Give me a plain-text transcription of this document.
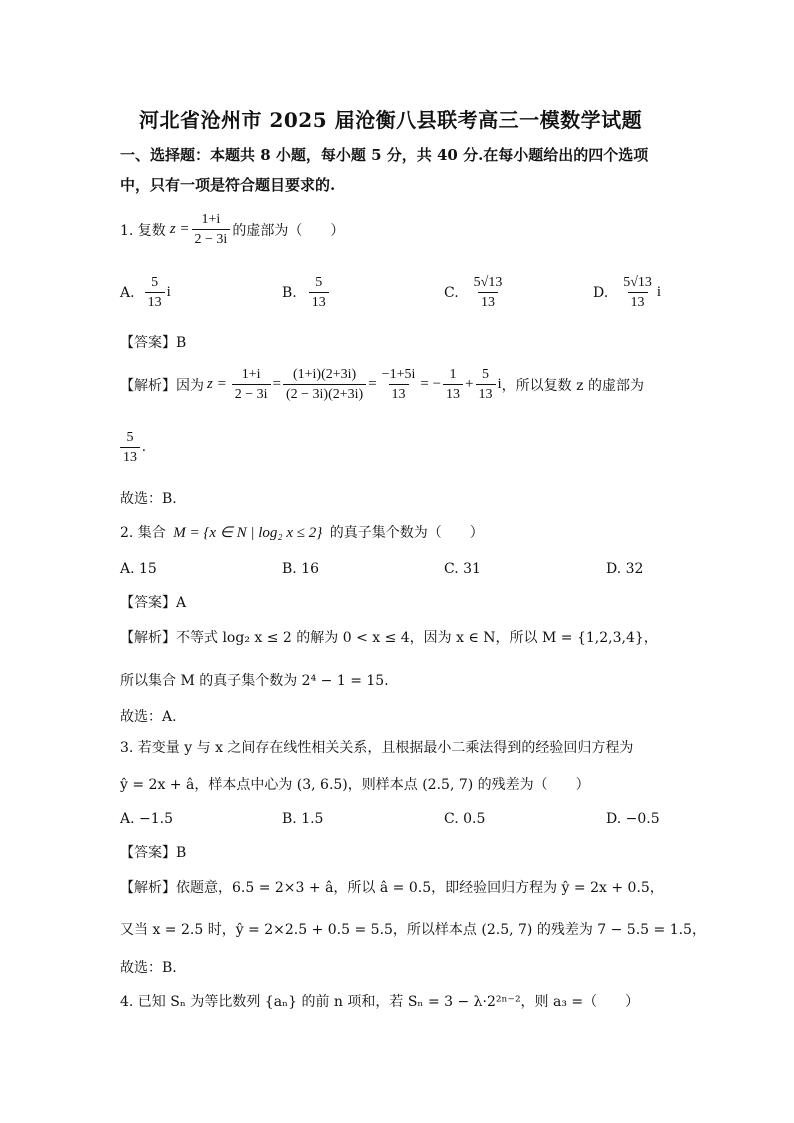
河北省沧州市 2025 届沧衡八县联考高三一模数学试题
一、选择题：本题共 8 小题，每小题 5 分，共 40 分.在每小题给出的四个选项
中，只有一项是符合题目要求的.
1. 复数 $z = \frac{1+i}{2 - 3i}$ 的虚部为（　　）
A. $\frac{5}{13}$ i	B. $\frac{5}{13}$	C. $\frac{5√13}{13}$	D. $\frac{5√13}{13}$ i
【答案】B
【解析】因为 $z = \frac{1+i}{2 - 3i} = \frac{(1+i)(2+3i)}{(2 - 3i)(2+3i)} = \frac{-1+5i}{13}$ = − $\frac{1}{13} + \frac{5}{13}$ i ，所以复数 z 的虚部为
$\frac{5}{13}$ .
故选：B.
2. 集合 M = {x ∈ N | log₂ x ≤ 2} 的真子集个数为（　　）
A. 15	B. 16	C. 31	D. 32
【答案】A
【解析】不等式 log₂ x ≤ 2 的解为 0 < x ≤ 4，因为 x ∈ N，所以 M = {1,2,3,4}，
所以集合 M 的真子集个数为 2⁴ − 1 = 15.
故选：A.
3. 若变量 y 与 x 之间存在线性相关关系，且根据最小二乘法得到的经验回归方程为
ŷ = 2x + â，样本点中心为 (3, 6.5)，则样本点 (2.5, 7) 的残差为（　　）
A. −1.5	B. 1.5	C. 0.5	D. −0.5
【答案】B
【解析】依题意，6.5 = 2×3 + â，所以 â = 0.5，即经验回归方程为 ŷ = 2x + 0.5，
又当 x = 2.5 时，ŷ = 2×2.5 + 0.5 = 5.5，所以样本点 (2.5, 7) 的残差为 7 − 5.5 = 1.5，
故选：B.
4. 已知 Sₙ 为等比数列 {aₙ} 的前 n 项和，若 Sₙ = 3 − λ·2²ⁿ⁻²，则 a₃ =（　　）
